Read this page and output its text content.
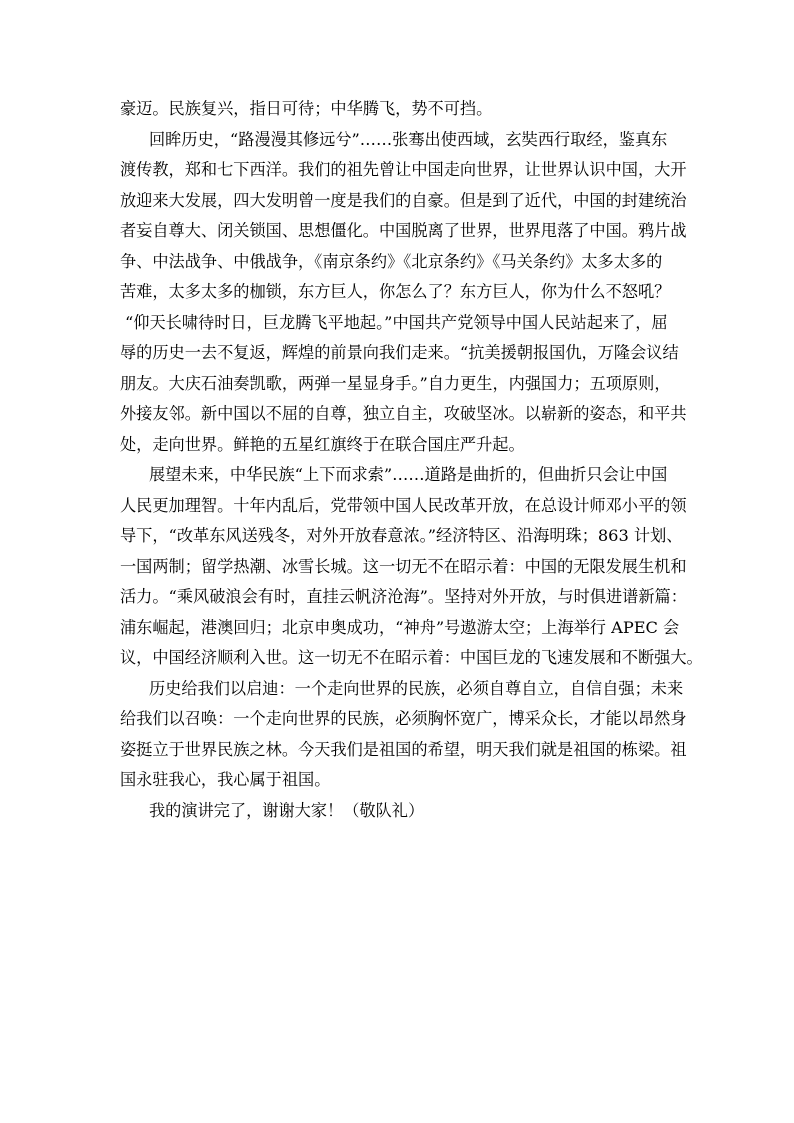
豪迈。民族复兴，指日可待；中华腾飞，势不可挡。
回眸历史，“路漫漫其修远兮”……张骞出使西域，玄奘西行取经，鉴真东
渡传教，郑和七下西洋。我们的祖先曾让中国走向世界，让世界认识中国，大开
放迎来大发展，四大发明曾一度是我们的自豪。但是到了近代，中国的封建统治
者妄自尊大、闭关锁国、思想僵化。中国脱离了世界，世界甩落了中国。鸦片战
争、中法战争、中俄战争，《南京条约》《北京条约》《马关条约》太多太多的
苦难，太多太多的枷锁，东方巨人，你怎么了？东方巨人，你为什么不怒吼？
“仰天长啸待时日，巨龙腾飞平地起。”中国共产党领导中国人民站起来了，屈
辱的历史一去不复返，辉煌的前景向我们走来。“抗美援朝报国仇，万隆会议结
朋友。大庆石油奏凯歌，两弹一星显身手。”自力更生，内强国力；五项原则，
外接友邻。新中国以不屈的自尊，独立自主，攻破坚冰。以崭新的姿态，和平共
处，走向世界。鲜艳的五星红旗终于在联合国庄严升起。
展望未来，中华民族“上下而求索”……道路是曲折的，但曲折只会让中国
人民更加理智。十年内乱后，党带领中国人民改革开放，在总设计师邓小平的领
导下，“改革东风送残冬，对外开放春意浓。”经济特区、沿海明珠；863 计划、
一国两制；留学热潮、冰雪长城。这一切无不在昭示着：中国的无限发展生机和
活力。“乘风破浪会有时，直挂云帆济沧海”。坚持对外开放，与时俱进谱新篇：
浦东崛起，港澳回归；北京申奥成功，“神舟”号遨游太空；上海举行 APEC 会
议，中国经济顺利入世。这一切无不在昭示着：中国巨龙的飞速发展和不断强大。
历史给我们以启迪：一个走向世界的民族，必须自尊自立，自信自强；未来
给我们以召唤：一个走向世界的民族，必须胸怀宽广，博采众长，才能以昂然身
姿挺立于世界民族之林。今天我们是祖国的希望，明天我们就是祖国的栋梁。祖
国永驻我心，我心属于祖国。
我的演讲完了，谢谢大家！（敬队礼）
